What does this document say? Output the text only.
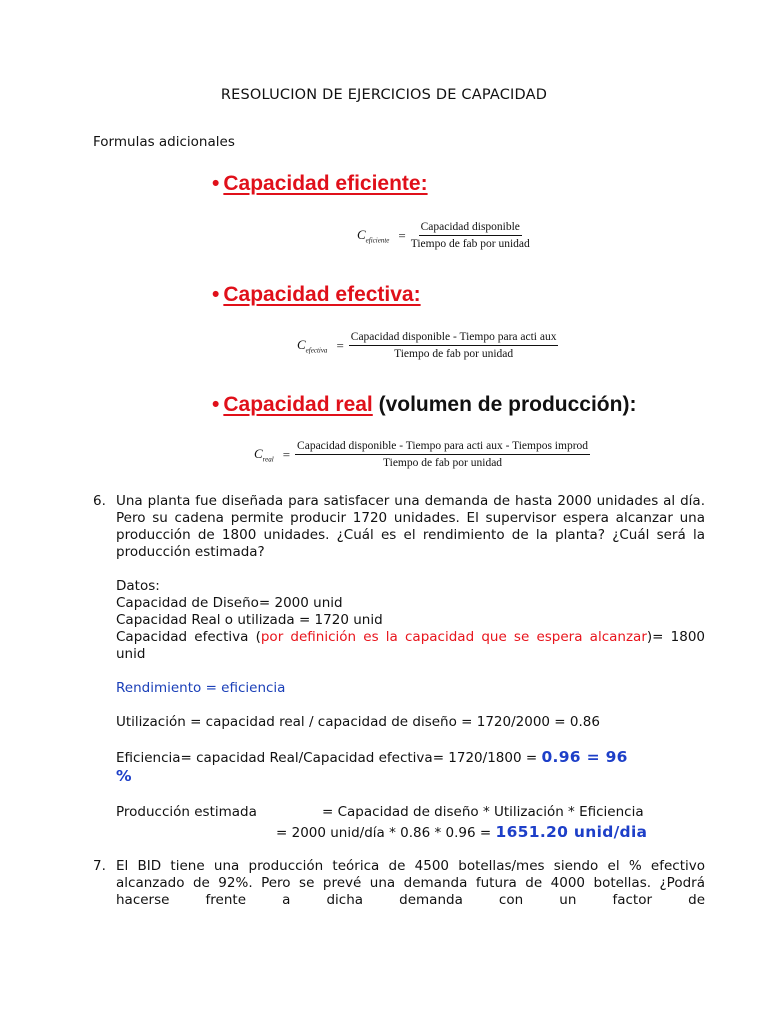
RESOLUCION DE EJERCICIOS DE CAPACIDAD
Formulas adicionales
• Capacidad eficiente:
$C_{eficiente} = \frac{\text{Capacidad disponible}}{\text{Tiempo de fab por unidad}}$
• Capacidad efectiva:
$C_{efectiva} = \frac{\text{Capacidad disponible - Tiempo para acti aux}}{\text{Tiempo de fab por unidad}}$
• Capacidad real (volumen de producción):
$C_{real}$ =
Capacidad disponible - Tiempo para acti aux - Tiempos improd
Tiempo de fab por unidad
6. Una planta fue diseñada para satisfacer una demanda de hasta 2000 unidades al día. Pero su cadena permite producir 1720 unidades. El supervisor espera alcanzar una producción de 1800 unidades. ¿Cuál es el rendimiento de la planta? ¿Cuál será la producción estimada?
Datos:
Capacidad de Diseño= 2000 unid
Capacidad Real o utilizada = 1720 unid
Capacidad efectiva (por definición es la capacidad que se espera alcanzar)= 1800 unid
Rendimiento = eficiencia
Utilización = capacidad real / capacidad de diseño = 1720/2000 = 0.86
Eficiencia= capacidad Real/Capacidad efectiva= 1720/1800 = 0.96 = 96
%
Producción estimada	= Capacidad de diseño * Utilización * Eficiencia
= 2000 unid/día * 0.86 * 0.96 = 1651.20 unid/dia
7. El BID tiene una producción teórica de 4500 botellas/mes siendo el % efectivo alcanzado de 92%. Pero se prevé una demanda futura de 4000 botellas. ¿Podrá hacerse frente a dicha demanda con un factor de
